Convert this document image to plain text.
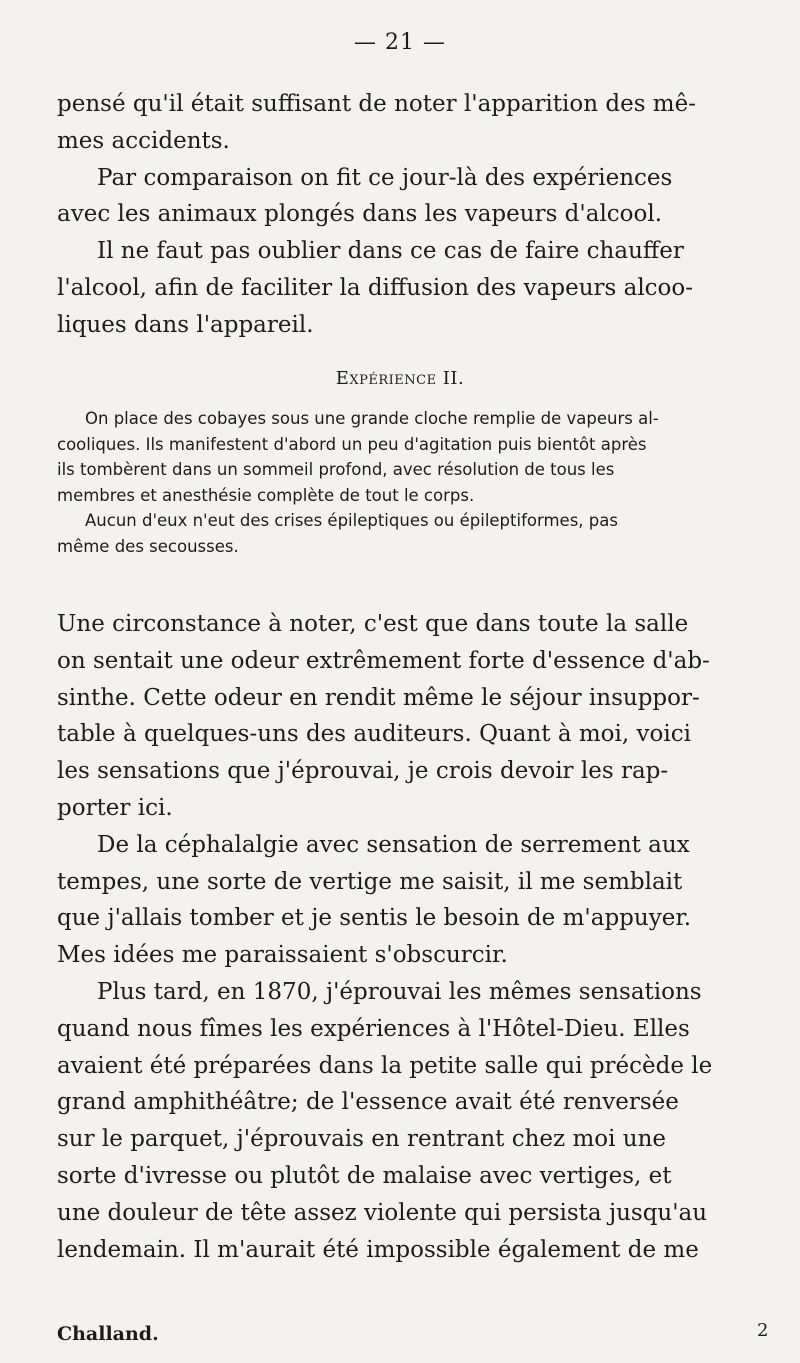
— 21 —
pensé qu'il était suffisant de noter l'apparition des mê-
mes accidents.
Par comparaison on fit ce jour-là des expériences
avec les animaux plongés dans les vapeurs d'alcool.
Il ne faut pas oublier dans ce cas de faire chauffer
l'alcool, afin de faciliter la diffusion des vapeurs alcoo-
liques dans l'appareil.
Expérience II.
On place des cobayes sous une grande cloche remplie de vapeurs al-
cooliques. Ils manifestent d'abord un peu d'agitation puis bientôt après
ils tombèrent dans un sommeil profond, avec résolution de tous les
membres et anesthésie complète de tout le corps.
Aucun d'eux n'eut des crises épileptiques ou épileptiformes, pas
même des secousses.
Une circonstance à noter, c'est que dans toute la salle
on sentait une odeur extrêmement forte d'essence d'ab-
sinthe. Cette odeur en rendit même le séjour insuppor-
table à quelques-uns des auditeurs. Quant à moi, voici
les sensations que j'éprouvai, je crois devoir les rap-
porter ici.
De la céphalalgie avec sensation de serrement aux
tempes, une sorte de vertige me saisit, il me semblait
que j'allais tomber et je sentis le besoin de m'appuyer.
Mes idées me paraissaient s'obscurcir.
Plus tard, en 1870, j'éprouvai les mêmes sensations
quand nous fîmes les expériences à l'Hôtel-Dieu. Elles
avaient été préparées dans la petite salle qui précède le
grand amphithéâtre; de l'essence avait été renversée
sur le parquet, j'éprouvais en rentrant chez moi une
sorte d'ivresse ou plutôt de malaise avec vertiges, et
une douleur de tête assez violente qui persista jusqu'au
lendemain. Il m'aurait été impossible également de me
Challand.	2
